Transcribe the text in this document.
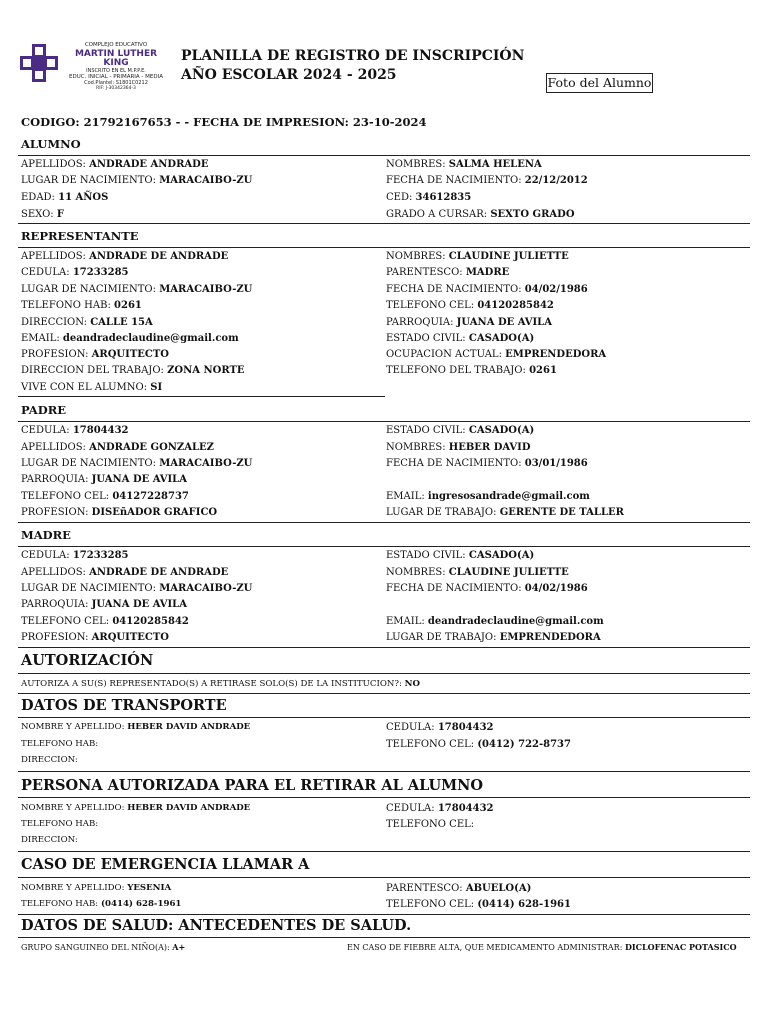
COMPLEJO EDUCATIVO
MARTIN LUTHER KING
INSCRITO EN EL M.P.P.E.
EDUC. INICIAL - PRIMARIA - MEDIA
Cod.Plantel: S1801C0212
RIF: J-30342364-3
PLANILLA DE REGISTRO DE INSCRIPCIÓN
AÑO ESCOLAR 2024 - 2025	Foto del Alumno
CODIGO: 21792167653 - - FECHA DE IMPRESION: 23-10-2024
ALUMNO
APELLIDOS: ANDRADE ANDRADE
LUGAR DE NACIMIENTO: MARACAIBO-ZU
EDAD: 11 AÑOS
SEXO: F
NOMBRES: SALMA HELENA
FECHA DE NACIMIENTO: 22/12/2012
CED: 34612835
GRADO A CURSAR: SEXTO GRADO
REPRESENTANTE
APELLIDOS: ANDRADE DE ANDRADE
CEDULA: 17233285
LUGAR DE NACIMIENTO: MARACAIBO-ZU
TELEFONO HAB: 0261
DIRECCION: CALLE 15A
EMAIL: deandradeclaudine@gmail.com
PROFESION: ARQUITECTO
DIRECCION DEL TRABAJO: ZONA NORTE
VIVE CON EL ALUMNO: SI
NOMBRES: CLAUDINE JULIETTE
PARENTESCO: MADRE
FECHA DE NACIMIENTO: 04/02/1986
TELEFONO CEL: 04120285842
PARROQUIA: JUANA DE AVILA
ESTADO CIVIL: CASADO(A)
OCUPACION ACTUAL: EMPRENDEDORA
TELEFONO DEL TRABAJO: 0261
PADRE
CEDULA: 17804432
APELLIDOS: ANDRADE GONZALEZ
LUGAR DE NACIMIENTO: MARACAIBO-ZU
PARROQUIA: JUANA DE AVILA
TELEFONO CEL: 04127228737
PROFESION: DISEñADOR GRAFICO
ESTADO CIVIL: CASADO(A)
NOMBRES: HEBER DAVID
FECHA DE NACIMIENTO: 03/01/1986
EMAIL: ingresosandrade@gmail.com
LUGAR DE TRABAJO: GERENTE DE TALLER
MADRE
CEDULA: 17233285
APELLIDOS: ANDRADE DE ANDRADE
LUGAR DE NACIMIENTO: MARACAIBO-ZU
PARROQUIA: JUANA DE AVILA
TELEFONO CEL: 04120285842
PROFESION: ARQUITECTO
ESTADO CIVIL: CASADO(A)
NOMBRES: CLAUDINE JULIETTE
FECHA DE NACIMIENTO: 04/02/1986
EMAIL: deandradeclaudine@gmail.com
LUGAR DE TRABAJO: EMPRENDEDORA
AUTORIZACIÓN
AUTORIZA A SU(S) REPRESENTADO(S) A RETIRASE SOLO(S) DE LA INSTITUCION?: NO
DATOS DE TRANSPORTE
NOMBRE Y APELLIDO: HEBER DAVID ANDRADE
TELEFONO HAB:
DIRECCION:
CEDULA: 17804432
TELEFONO CEL: (0412) 722-8737
PERSONA AUTORIZADA PARA EL RETIRAR AL ALUMNO
NOMBRE Y APELLIDO: HEBER DAVID ANDRADE
TELEFONO HAB:
DIRECCION:
CEDULA: 17804432
TELEFONO CEL:
CASO DE EMERGENCIA LLAMAR A
NOMBRE Y APELLIDO: YESENIA
TELEFONO HAB: (0414) 628-1961
PARENTESCO: ABUELO(A)
TELEFONO CEL: (0414) 628-1961
DATOS DE SALUD: ANTECEDENTES DE SALUD.
GRUPO SANGUINEO DEL NIÑO(A): A+	EN CASO DE FIEBRE ALTA, QUE MEDICAMENTO ADMINISTRAR: DICLOFENAC POTASICO
